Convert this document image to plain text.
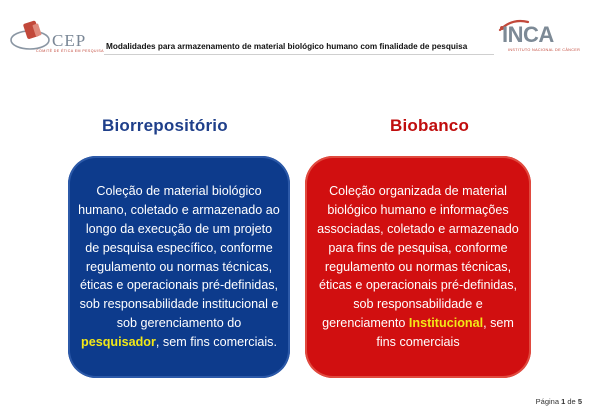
CEP
COMITÊ DE ÉTICA EM PESQUISA Modalidades para armazenamento de material biológico humano com finalidade de pesquisa	INCA
INSTITUTO NACIONAL DE CÂNCER
Biorrepositório	Biobanco

Coleção de material biológico humano, coletado e armazenado ao longo da execução de um projeto de pesquisa específico, conforme regulamento ou normas técnicas, éticas e operacionais pré-definidas, sob responsabilidade institucional e sob gerenciamento do pesquisador, sem fins comerciais.

Coleção organizada de material biológico humano e informações associadas, coletado e armazenado para fins de pesquisa, conforme regulamento ou normas técnicas, éticas e operacionais pré-definidas, sob responsabilidade e gerenciamento Institucional, sem fins comerciais

Página 1 de 5
